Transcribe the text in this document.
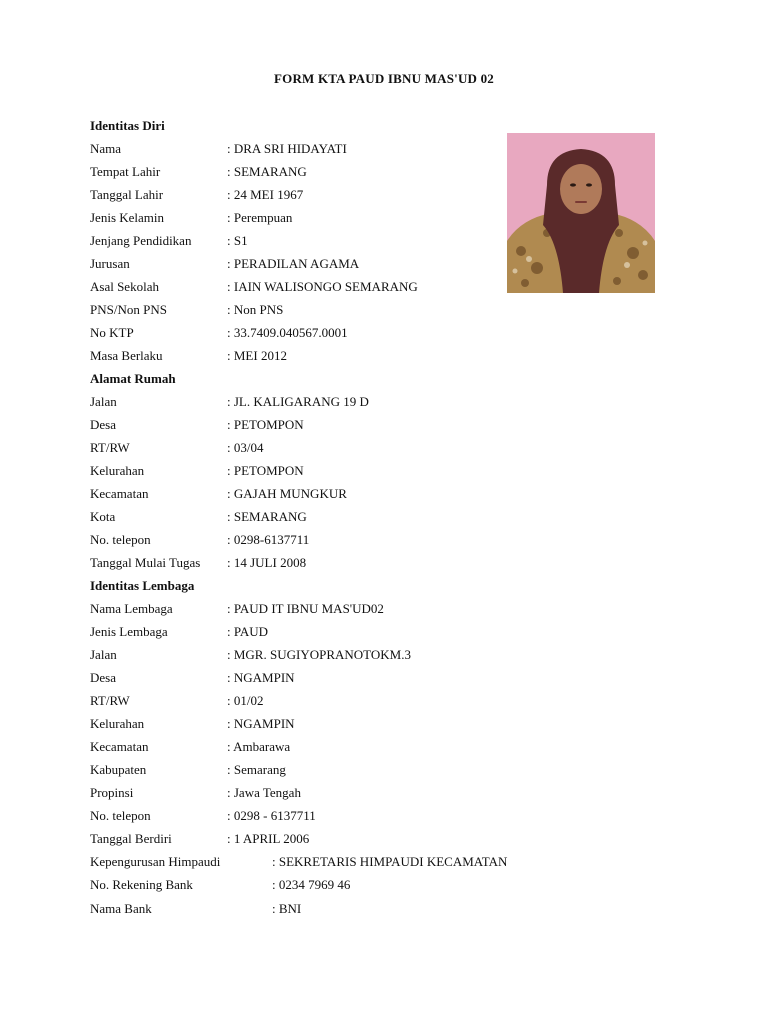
FORM KTA PAUD IBNU MAS'UD 02
Identitas Diri
Nama	: DRA SRI HIDAYATI
Tempat Lahir	: SEMARANG
Tanggal Lahir	: 24 MEI 1967
Jenis Kelamin	: Perempuan
Jenjang Pendidikan	: S1
Jurusan	: PERADILAN AGAMA
Asal Sekolah	: IAIN WALISONGO SEMARANG
PNS/Non PNS	: Non PNS
No KTP	: 33.7409.040567.0001
Masa Berlaku	: MEI 2012
Alamat Rumah
Jalan	: JL. KALIGARANG 19 D
Desa	: PETOMPON
RT/RW	: 03/04
Kelurahan	: PETOMPON
Kecamatan	: GAJAH MUNGKUR
Kota	: SEMARANG
No. telepon	: 0298-6137711
Tanggal Mulai Tugas : 14 JULI 2008
Identitas Lembaga
Nama Lembaga	: PAUD IT IBNU MAS'UD02
Jenis Lembaga	: PAUD
Jalan	: MGR. SUGIYOPRANOTOKM.3
Desa	: NGAMPIN
RT/RW	: 01/02
Kelurahan	: NGAMPIN
Kecamatan	: Ambarawa
Kabupaten	: Semarang
Propinsi	: Jawa Tengah
No. telepon	: 0298 - 6137711
Tanggal Berdiri	: 1 APRIL 2006
Kepengurusan Himpaudi	: SEKRETARIS HIMPAUDI KECAMATAN
No. Rekening Bank	: 0234 7969 46
Nama Bank	: BNI
